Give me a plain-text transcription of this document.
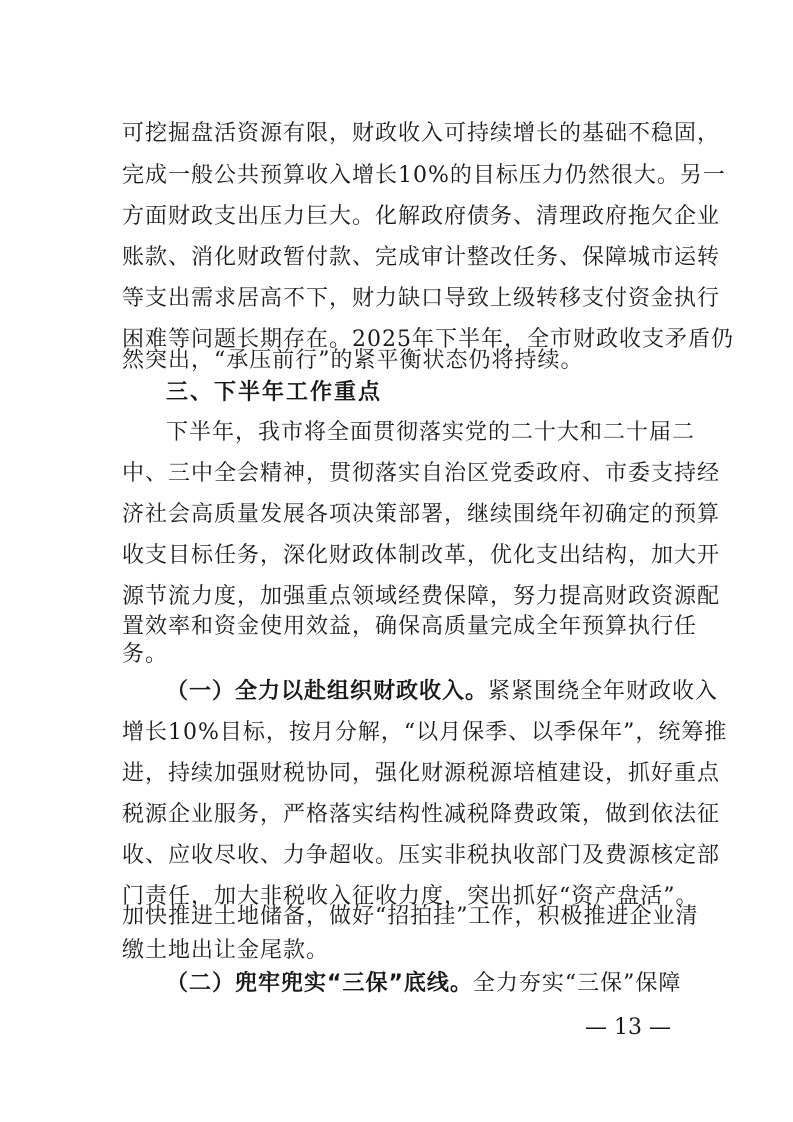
可挖掘盘活资源有限，财政收入可持续增长的基础不稳固，
完成一般公共预算收入增长10%的目标压力仍然很大。另一
方面财政支出压力巨大。化解政府债务、清理政府拖欠企业
账款、消化财政暂付款、完成审计整改任务、保障城市运转
等支出需求居高不下，财力缺口导致上级转移支付资金执行
困难等问题长期存在。2025年下半年，全市财政收支矛盾仍
然突出，“承压前行”的紧平衡状态仍将持续。
三、下半年工作重点
下半年，我市将全面贯彻落实党的二十大和二十届二
中、三中全会精神，贯彻落实自治区党委政府、市委支持经
济社会高质量发展各项决策部署，继续围绕年初确定的预算
收支目标任务，深化财政体制改革，优化支出结构，加大开
源节流力度，加强重点领域经费保障，努力提高财政资源配
置效率和资金使用效益，确保高质量完成全年预算执行任
务。
（一）全力以赴组织财政收入。紧紧围绕全年财政收入
增长10%目标，按月分解，“以月保季、以季保年”，统筹推
进，持续加强财税协同，强化财源税源培植建设，抓好重点
税源企业服务，严格落实结构性减税降费政策，做到依法征
收、应收尽收、力争超收。压实非税执收部门及费源核定部
门责任，加大非税收入征收力度，突出抓好“资产盘活”。
加快推进土地储备，做好“招拍挂”工作，积极推进企业清
缴土地出让金尾款。
— 13 —
（二）兜牢兜实“三保”底线。全力夯实“三保”保障
